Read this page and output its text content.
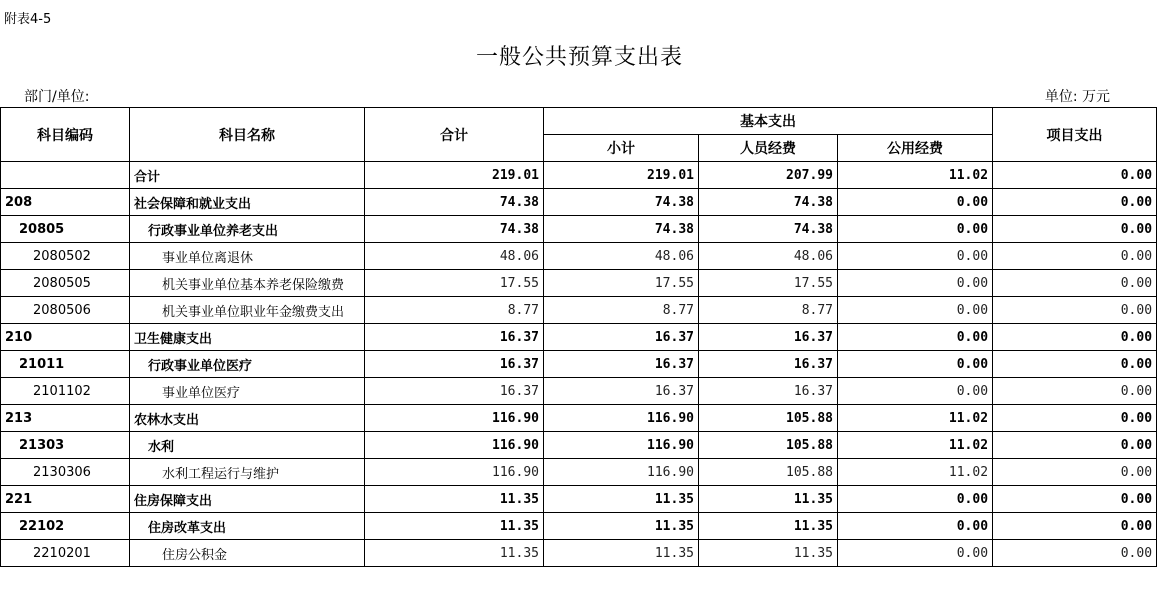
附表4-5
一般公共预算支出表
部门/单位:	单位: 万元
科目编码	科目名称	合计	基本支出			项目支出
			小计	人员经费	公用经费	
	合计	219.01	219.01	207.99	11.02	0.00
208	社会保障和就业支出	74.38	74.38	74.38	0.00	0.00
20805	行政事业单位养老支出	74.38	74.38	74.38	0.00	0.00
2080502	事业单位离退休	48.06	48.06	48.06	0.00	0.00
2080505	机关事业单位基本养老保险缴费	17.55	17.55	17.55	0.00	0.00
2080506	机关事业单位职业年金缴费支出	8.77	8.77	8.77	0.00	0.00
210	卫生健康支出	16.37	16.37	16.37	0.00	0.00
21011	行政事业单位医疗	16.37	16.37	16.37	0.00	0.00
2101102	事业单位医疗	16.37	16.37	16.37	0.00	0.00
213	农林水支出	116.90	116.90	105.88	11.02	0.00
21303	水利	116.90	116.90	105.88	11.02	0.00
2130306	水利工程运行与维护	116.90	116.90	105.88	11.02	0.00
221	住房保障支出	11.35	11.35	11.35	0.00	0.00
22102	住房改革支出	11.35	11.35	11.35	0.00	0.00
2210201	住房公积金	11.35	11.35	11.35	0.00	0.00
